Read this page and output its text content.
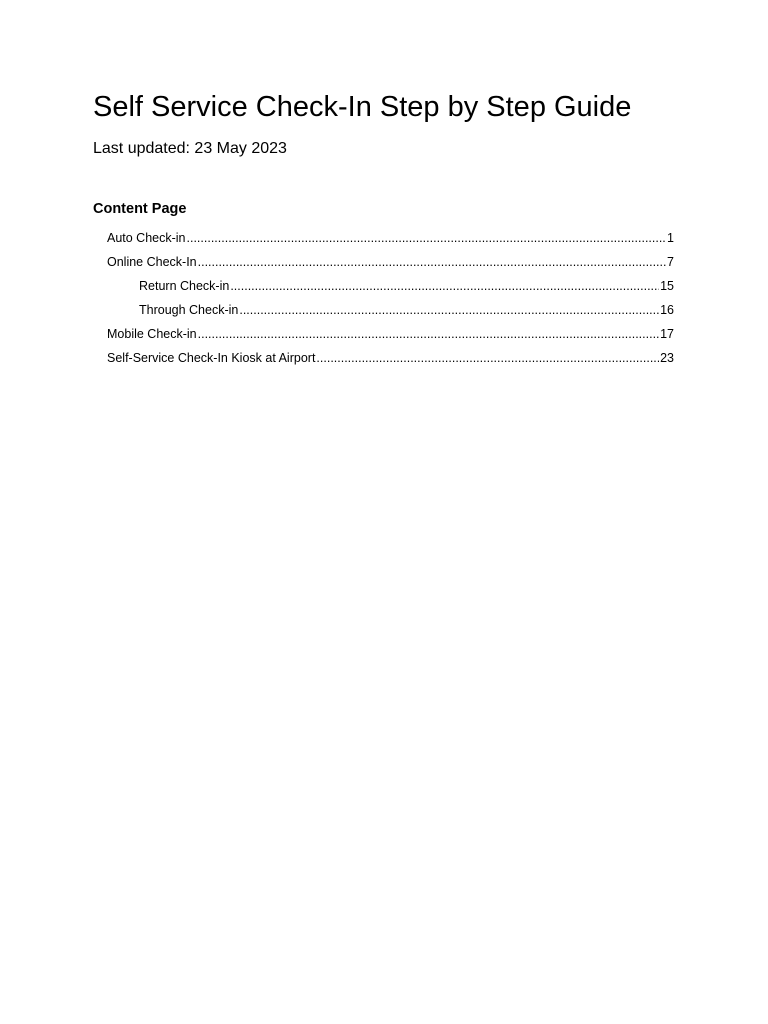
Self Service Check-In Step by Step Guide

Last updated: 23 May 2023

Content Page
Auto Check-in .....	1
Online Check-In .....	7
Return Check-in .....	15
Through Check-in .....	16
Mobile Check-in .....	17
Self-Service Check-In Kiosk at Airport .....	23
